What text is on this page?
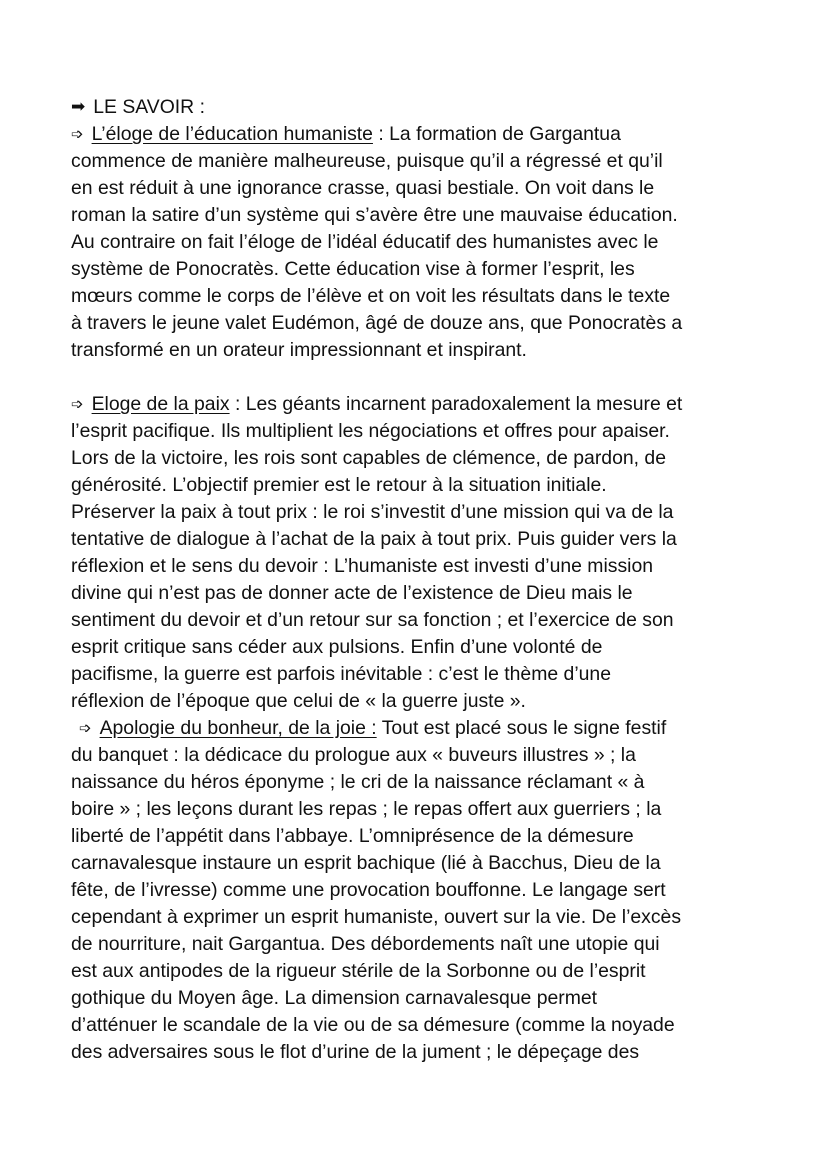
➡ LE SAVOIR :
➩ L’éloge de l’éducation humaniste : La formation de Gargantua
commence de manière malheureuse, puisque qu’il a régressé et qu’il
en est réduit à une ignorance crasse, quasi bestiale. On voit dans le
roman la satire d’un système qui s’avère être une mauvaise éducation.
Au contraire on fait l’éloge de l’idéal éducatif des humanistes avec le
système de Ponocratès. Cette éducation vise à former l’esprit, les
mœurs comme le corps de l’élève et on voit les résultats dans le texte
à travers le jeune valet Eudémon, âgé de douze ans, que Ponocratès a
transformé en un orateur impressionnant et inspirant.
➩ Eloge de la paix : Les géants incarnent paradoxalement la mesure et
l’esprit pacifique. Ils multiplient les négociations et offres pour apaiser.
Lors de la victoire, les rois sont capables de clémence, de pardon, de
générosité. L’objectif premier est le retour à la situation initiale.
Préserver la paix à tout prix : le roi s’investit d’une mission qui va de la
tentative de dialogue à l’achat de la paix à tout prix. Puis guider vers la
réflexion et le sens du devoir : L’humaniste est investi d’une mission
divine qui n’est pas de donner acte de l’existence de Dieu mais le
sentiment du devoir et d’un retour sur sa fonction ; et l’exercice de son
esprit critique sans céder aux pulsions. Enfin d’une volonté de
pacifisme, la guerre est parfois inévitable : c’est le thème d’une
réflexion de l’époque que celui de « la guerre juste ».
➩ Apologie du bonheur, de la joie : Tout est placé sous le signe festif
du banquet : la dédicace du prologue aux « buveurs illustres » ; la
naissance du héros éponyme ; le cri de la naissance réclamant « à
boire » ; les leçons durant les repas ; le repas offert aux guerriers ; la
liberté de l’appétit dans l’abbaye. L’omniprésence de la démesure
carnavalesque instaure un esprit bachique (lié à Bacchus, Dieu de la
fête, de l’ivresse) comme une provocation bouffonne. Le langage sert
cependant à exprimer un esprit humaniste, ouvert sur la vie. De l’excès
de nourriture, nait Gargantua. Des débordements naît une utopie qui
est aux antipodes de la rigueur stérile de la Sorbonne ou de l’esprit
gothique du Moyen âge. La dimension carnavalesque permet
d’atténuer le scandale de la vie ou de sa démesure (comme la noyade
des adversaires sous le flot d’urine de la jument ; le dépeçage des
